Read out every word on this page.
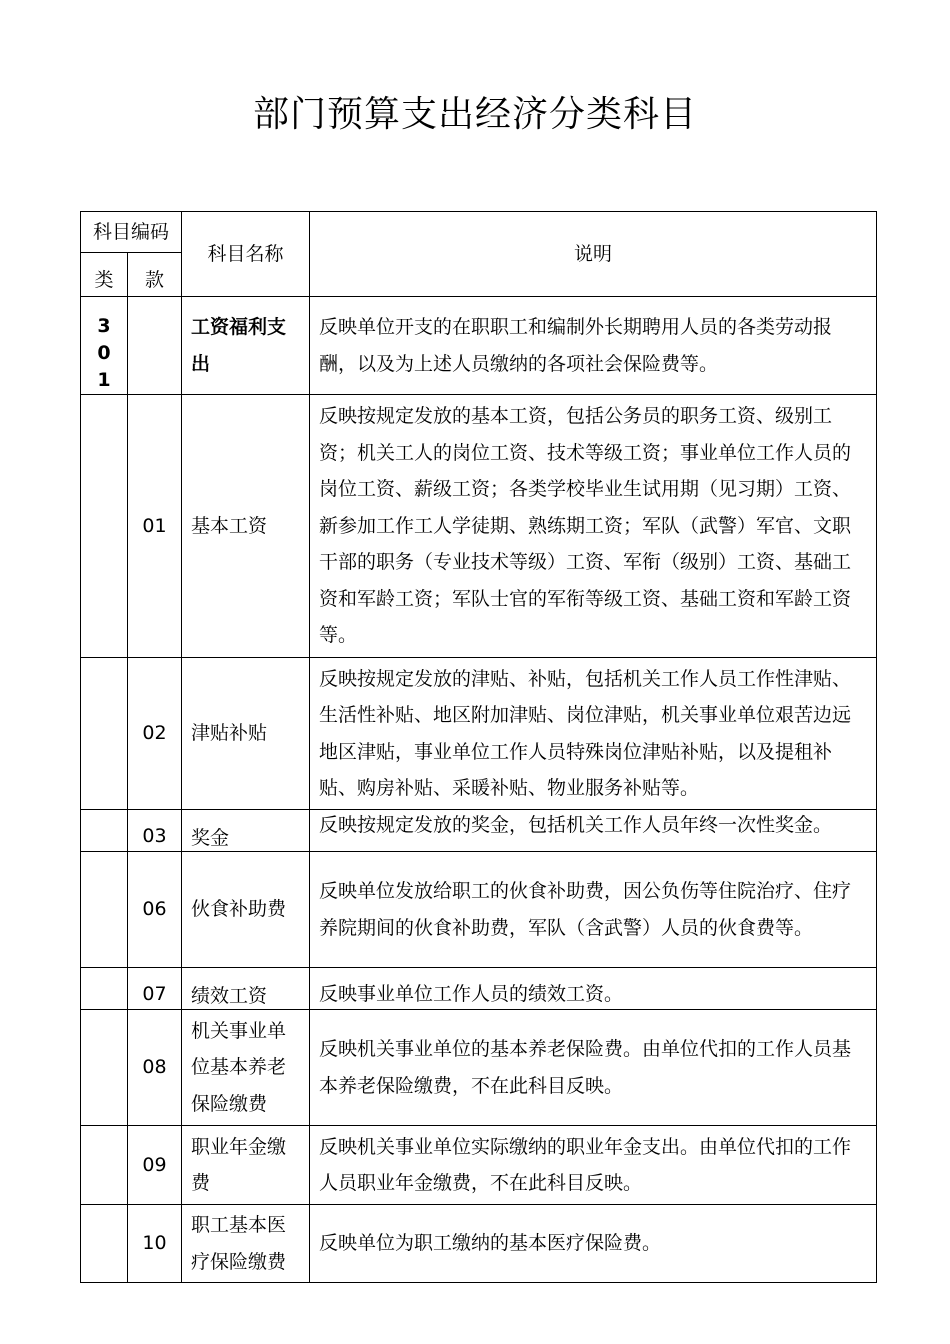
部门预算支出经济分类科目
科目编码		科目名称	说明
类	款		

301		工资福利支出	反映单位开支的在职职工和编制外长期聘用人员的各类劳动报酬，以及为上述人员缴纳的各项社会保险费等。
	01	基本工资	反映按规定发放的基本工资，包括公务员的职务工资、级别工资；机关工人的岗位工资、技术等级工资；事业单位工作人员的岗位工资、薪级工资；各类学校毕业生试用期（见习期）工资、新参加工作工人学徒期、熟练期工资；军队（武警）军官、文职干部的职务（专业技术等级）工资、军衔（级别）工资、基础工资和军龄工资；军队士官的军衔等级工资、基础工资和军龄工资等。
	02	津贴补贴	反映按规定发放的津贴、补贴，包括机关工作人员工作性津贴、生活性补贴、地区附加津贴、岗位津贴，机关事业单位艰苦边远地区津贴，事业单位工作人员特殊岗位津贴补贴，以及提租补贴、购房补贴、采暖补贴、物业服务补贴等。
	03	奖金	反映按规定发放的奖金，包括机关工作人员年终一次性奖金。

	06	伙食补助费	反映单位发放给职工的伙食补助费，因公负伤等住院治疗、住疗养院期间的伙食补助费，军队（含武警）人员的伙食费等。
	07	绩效工资	反映事业单位工作人员的绩效工资。
	08	机关事业单位基本养老保险缴费	反映机关事业单位的基本养老保险费。由单位代扣的工作人员基本养老保险缴费，不在此科目反映。
	09	职业年金缴费	反映机关事业单位实际缴纳的职业年金支出。由单位代扣的工作人员职业年金缴费，不在此科目反映。
	10	职工基本医疗保险缴费	反映单位为职工缴纳的基本医疗保险费。
